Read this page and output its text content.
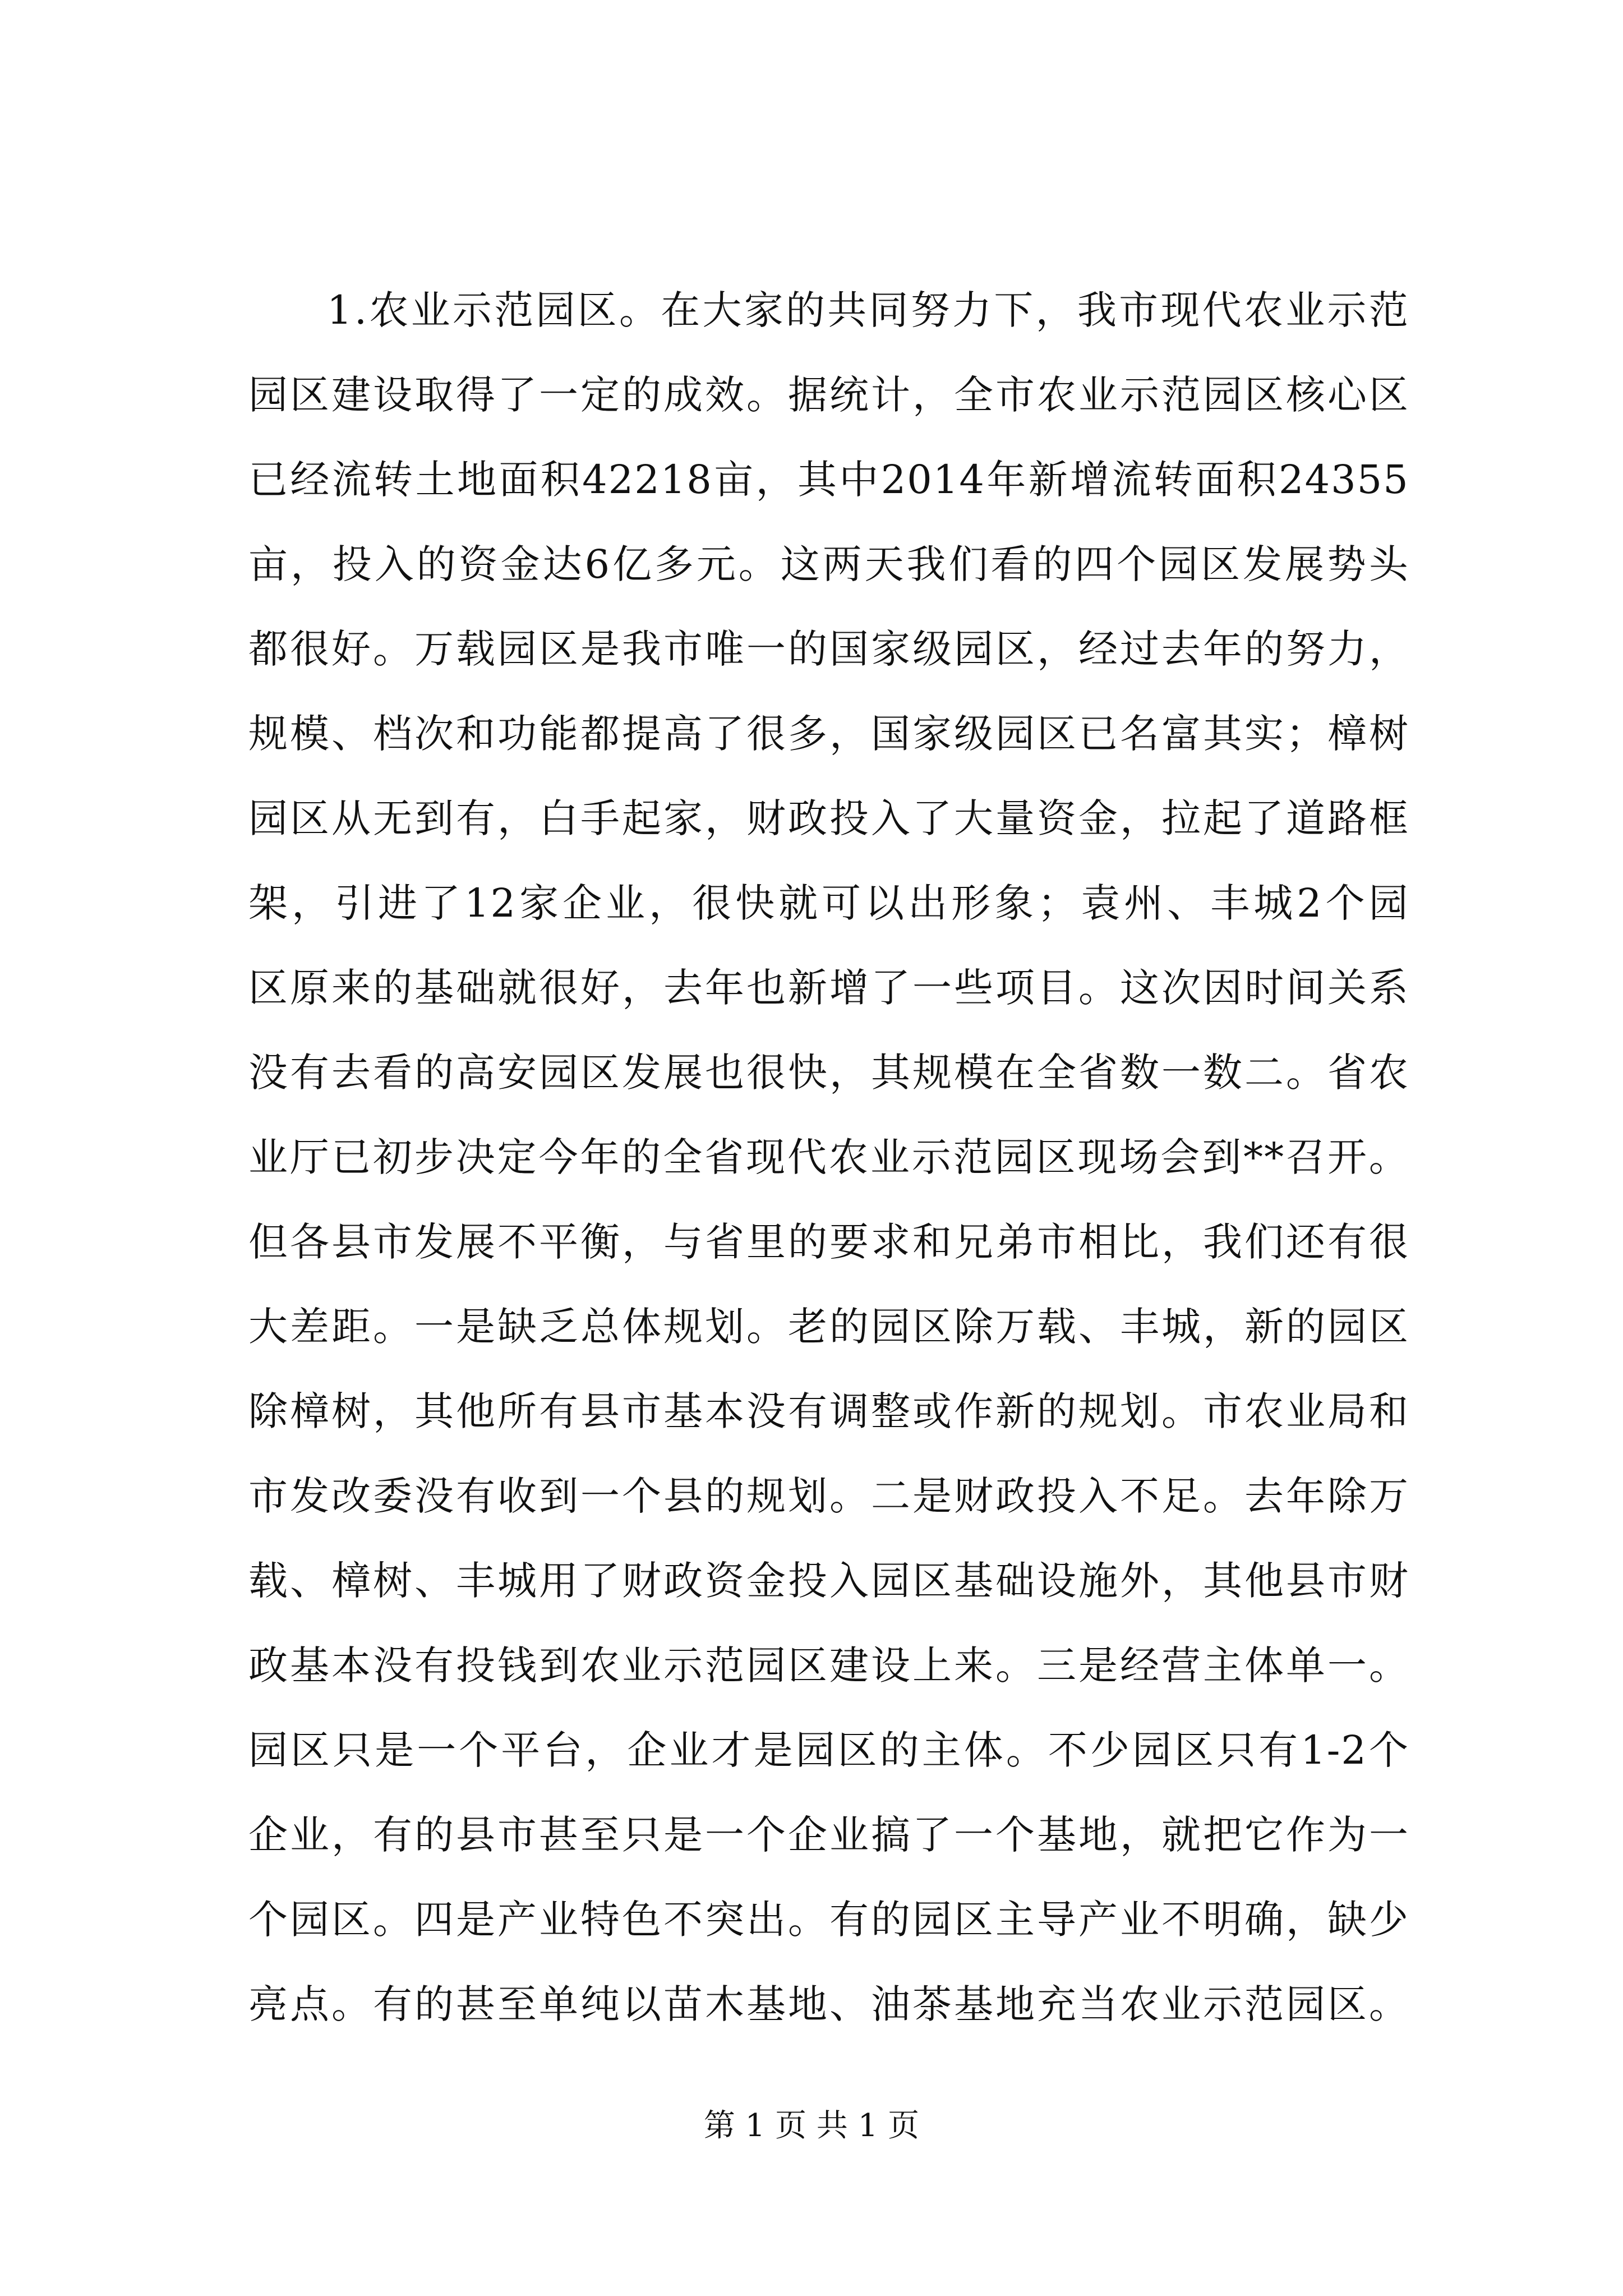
1 . 农 业 示 范 园 区 。 在 大 家 的 共 同 努 力 下 ， 我 市 现 代 农 业 示 范
园 区 建 设 取 得 了 一 定 的 成 效 。 据 统 计 ， 全 市 农 业 示 范 园 区 核 心 区
已 经 流 转 土 地 面 积 42218 亩 ， 其 中 2014 年 新 增 流 转 面 积 24355
亩 ， 投 入 的 资 金 达 6 亿 多 元 。 这 两 天 我 们 看 的 四 个 园 区 发 展 势 头
都 很 好 。 万 载 园 区 是 我 市 唯 一 的 国 家 级 园 区 ， 经 过 去 年 的 努 力 ，
规 模 、 档 次 和 功 能 都 提 高 了 很 多 ， 国 家 级 园 区 已 名 富 其 实 ； 樟 树
园 区 从 无 到 有 ， 白 手 起 家 ， 财 政 投 入 了 大 量 资 金 ， 拉 起 了 道 路 框
架 ， 引 进 了 12 家 企 业 ， 很 快 就 可 以 出 形 象 ； 袁 州 、 丰 城 2 个 园
区 原 来 的 基 础 就 很 好 ， 去 年 也 新 增 了 一 些 项 目 。 这 次 因 时 间 关 系
没 有 去 看 的 高 安 园 区 发 展 也 很 快 ， 其 规 模 在 全 省 数 一 数 二 。 省 农
业 厅 已 初 步 决 定 今 年 的 全 省 现 代 农 业 示 范 园 区 现 场 会 到 ** 召 开 。
但 各 县 市 发 展 不 平 衡 ， 与 省 里 的 要 求 和 兄 弟 市 相 比 ， 我 们 还 有 很
大 差 距 。 一 是 缺 乏 总 体 规 划 。 老 的 园 区 除 万 载 、 丰 城 ， 新 的 园 区
除 樟 树 ， 其 他 所 有 县 市 基 本 没 有 调 整 或 作 新 的 规 划 。 市 农 业 局 和
市 发 改 委 没 有 收 到 一 个 县 的 规 划 。 二 是 财 政 投 入 不 足 。 去 年 除 万
载 、 樟 树 、 丰 城 用 了 财 政 资 金 投 入 园 区 基 础 设 施 外 ， 其 他 县 市 财
政 基 本 没 有 投 钱 到 农 业 示 范 园 区 建 设 上 来 。 三 是 经 营 主 体 单 一 。
园 区 只 是 一 个 平 台 ， 企 业 才 是 园 区 的 主 体 。 不 少 园 区 只 有 1-2 个
企 业 ， 有 的 县 市 甚 至 只 是 一 个 企 业 搞 了 一 个 基 地 ， 就 把 它 作 为 一
个 园 区 。 四 是 产 业 特 色 不 突 出 。 有 的 园 区 主 导 产 业 不 明 确 ， 缺 少
亮 点 。 有 的 甚 至 单 纯 以 苗 木 基 地 、 油 茶 基 地 充 当 农 业 示 范 园 区 。
第 1 页 共 1 页
